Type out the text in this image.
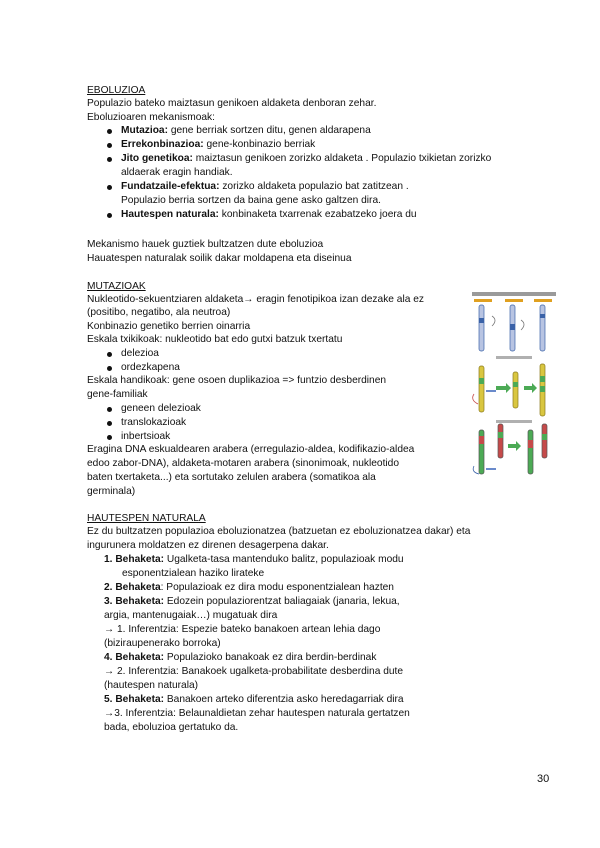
EBOLUZIOA
Populazio bateko maiztasun genikoen aldaketa denboran zehar.
Eboluzioaren mekanismoak:
Mutazioa: gene berriak sortzen ditu, genen aldarapena
Errekonbinazioa: gene-konbinazio berriak
Jito genetikoa: maiztasun genikoen zorizko aldaketa . Populazio txikietan zorizko
aldaerak eragin handiak.
Fundatzaile-efektua: zorizko aldaketa populazio bat zatitzean .
Populazio berria sortzen da baina gene asko galtzen dira.
Hautespen naturala: konbinaketa txarrenak ezabatzeko joera du
Mekanismo hauek guztiek bultzatzen dute eboluzioa
Hauatespen naturalak soilik dakar moldapena eta diseinua
MUTAZIOAK
Nukleotido-sekuentziaren aldaketa→ eragin fenotipikoa izan dezake ala ez
(positibo, negatibo, ala neutroa)
Konbinazio genetiko berrien oinarria
Eskala txikikoak: nukleotido bat edo gutxi batzuk txertatu
delezioa
ordezkapena
Eskala handikoak: gene osoen duplikazioa => funtzio desberdinen
gene-familiak
geneen delezioak
translokazioak
inbertsioak
Eragina DNA eskualdearen arabera (erregulazio-aldea, kodifikazio-aldea
edoo zabor-DNA), aldaketa-motaren arabera (sinonimoak, nukleotido
baten txertaketa...) eta sortutako zelulen arabera (somatikoa ala
germinala)
HAUTESPEN NATURALA
Ez du bultzatzen populazioa eboluzionatzea (batzuetan ez eboluzionatzea dakar) eta
ingurunera moldatzen ez direnen desagerpena dakar.
1. Behaketa: Ugalketa-tasa mantenduko balitz, populazioak modu
esponentzialean haziko lirateke
2. Behaketa: Populazioak ez dira modu esponentzialean hazten
3. Behaketa: Edozein populaziorentzat baliagaiak (janaria, lekua,
argia, mantenugaiak…) mugatuak dira
→ 1. Inferentzia: Espezie bateko banakoen artean lehia dago
(biziraupenerako borroka)
4. Behaketa: Populazioko banakoak ez dira berdin-berdinak
→ 2. Inferentzia: Banakoek ugalketa-probabilitate desberdina dute
(hautespen naturala)
5. Behaketa: Banakoen arteko diferentzia asko heredagarriak dira
→3. Inferentzia: Belaunaldietan zehar hautespen naturala gertatzen
bada, eboluzioa gertatuko da.
30
